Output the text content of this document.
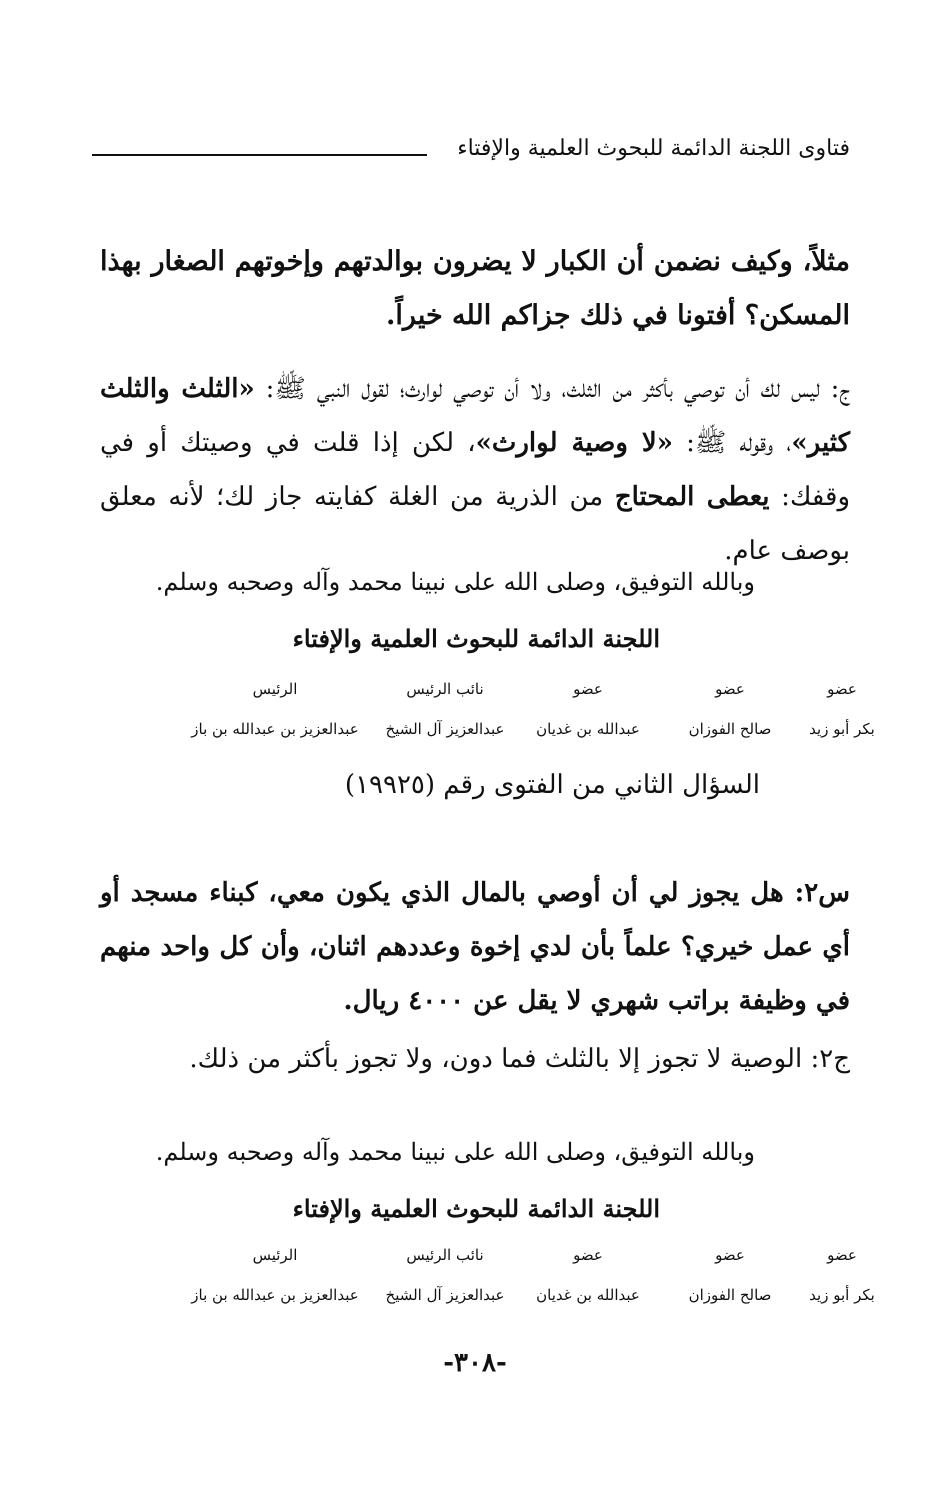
فتاوى اللجنة الدائمة للبحوث العلمية والإفتاء

مثلاً، وكيف نضمن أن الكبار لا يضرون بوالدتهم وإخوتهم الصغار بهذا المسكن؟ أفتونا في ذلك جزاكم الله خيراً.

ج: ليس لك أن توصي بأكثر من الثلث، ولا أن توصي لوارث؛ لقول النبي ﷺ: «الثلث والثلث كثير»، وقوله ﷺ: «لا وصية لوارث»، لكن إذا قلت في وصيتك أو في وقفك: يعطى المحتاج من الذرية من الغلة كفايته جاز لك؛ لأنه معلق بوصف عام.

وبالله التوفيق، وصلى الله على نبينا محمد وآله وصحبه وسلم.

اللجنة الدائمة للبحوث العلمية والإفتاء

عضو
عضو
عضو
نائب الرئيس
الرئيس
بكر أبو زيد
صالح الفوزان
عبدالله بن غديان
عبدالعزيز آل الشيخ
عبدالعزيز بن عبدالله بن باز

السؤال الثاني من الفتوى رقم (١٩٩٢٥)

س٢: هل يجوز لي أن أوصي بالمال الذي يكون معي، كبناء مسجد أو أي عمل خيري؟ علماً بأن لدي إخوة وعددهم اثنان، وأن كل واحد منهم في وظيفة براتب شهري لا يقل عن ٤٠٠٠ ريال.

ج٢: الوصية لا تجوز إلا بالثلث فما دون، ولا تجوز بأكثر من ذلك.

وبالله التوفيق، وصلى الله على نبينا محمد وآله وصحبه وسلم.

اللجنة الدائمة للبحوث العلمية والإفتاء

عضو
عضو
عضو
نائب الرئيس
الرئيس
بكر أبو زيد
صالح الفوزان
عبدالله بن غديان
عبدالعزيز آل الشيخ
عبدالعزيز بن عبدالله بن باز

-٣٠٨-
